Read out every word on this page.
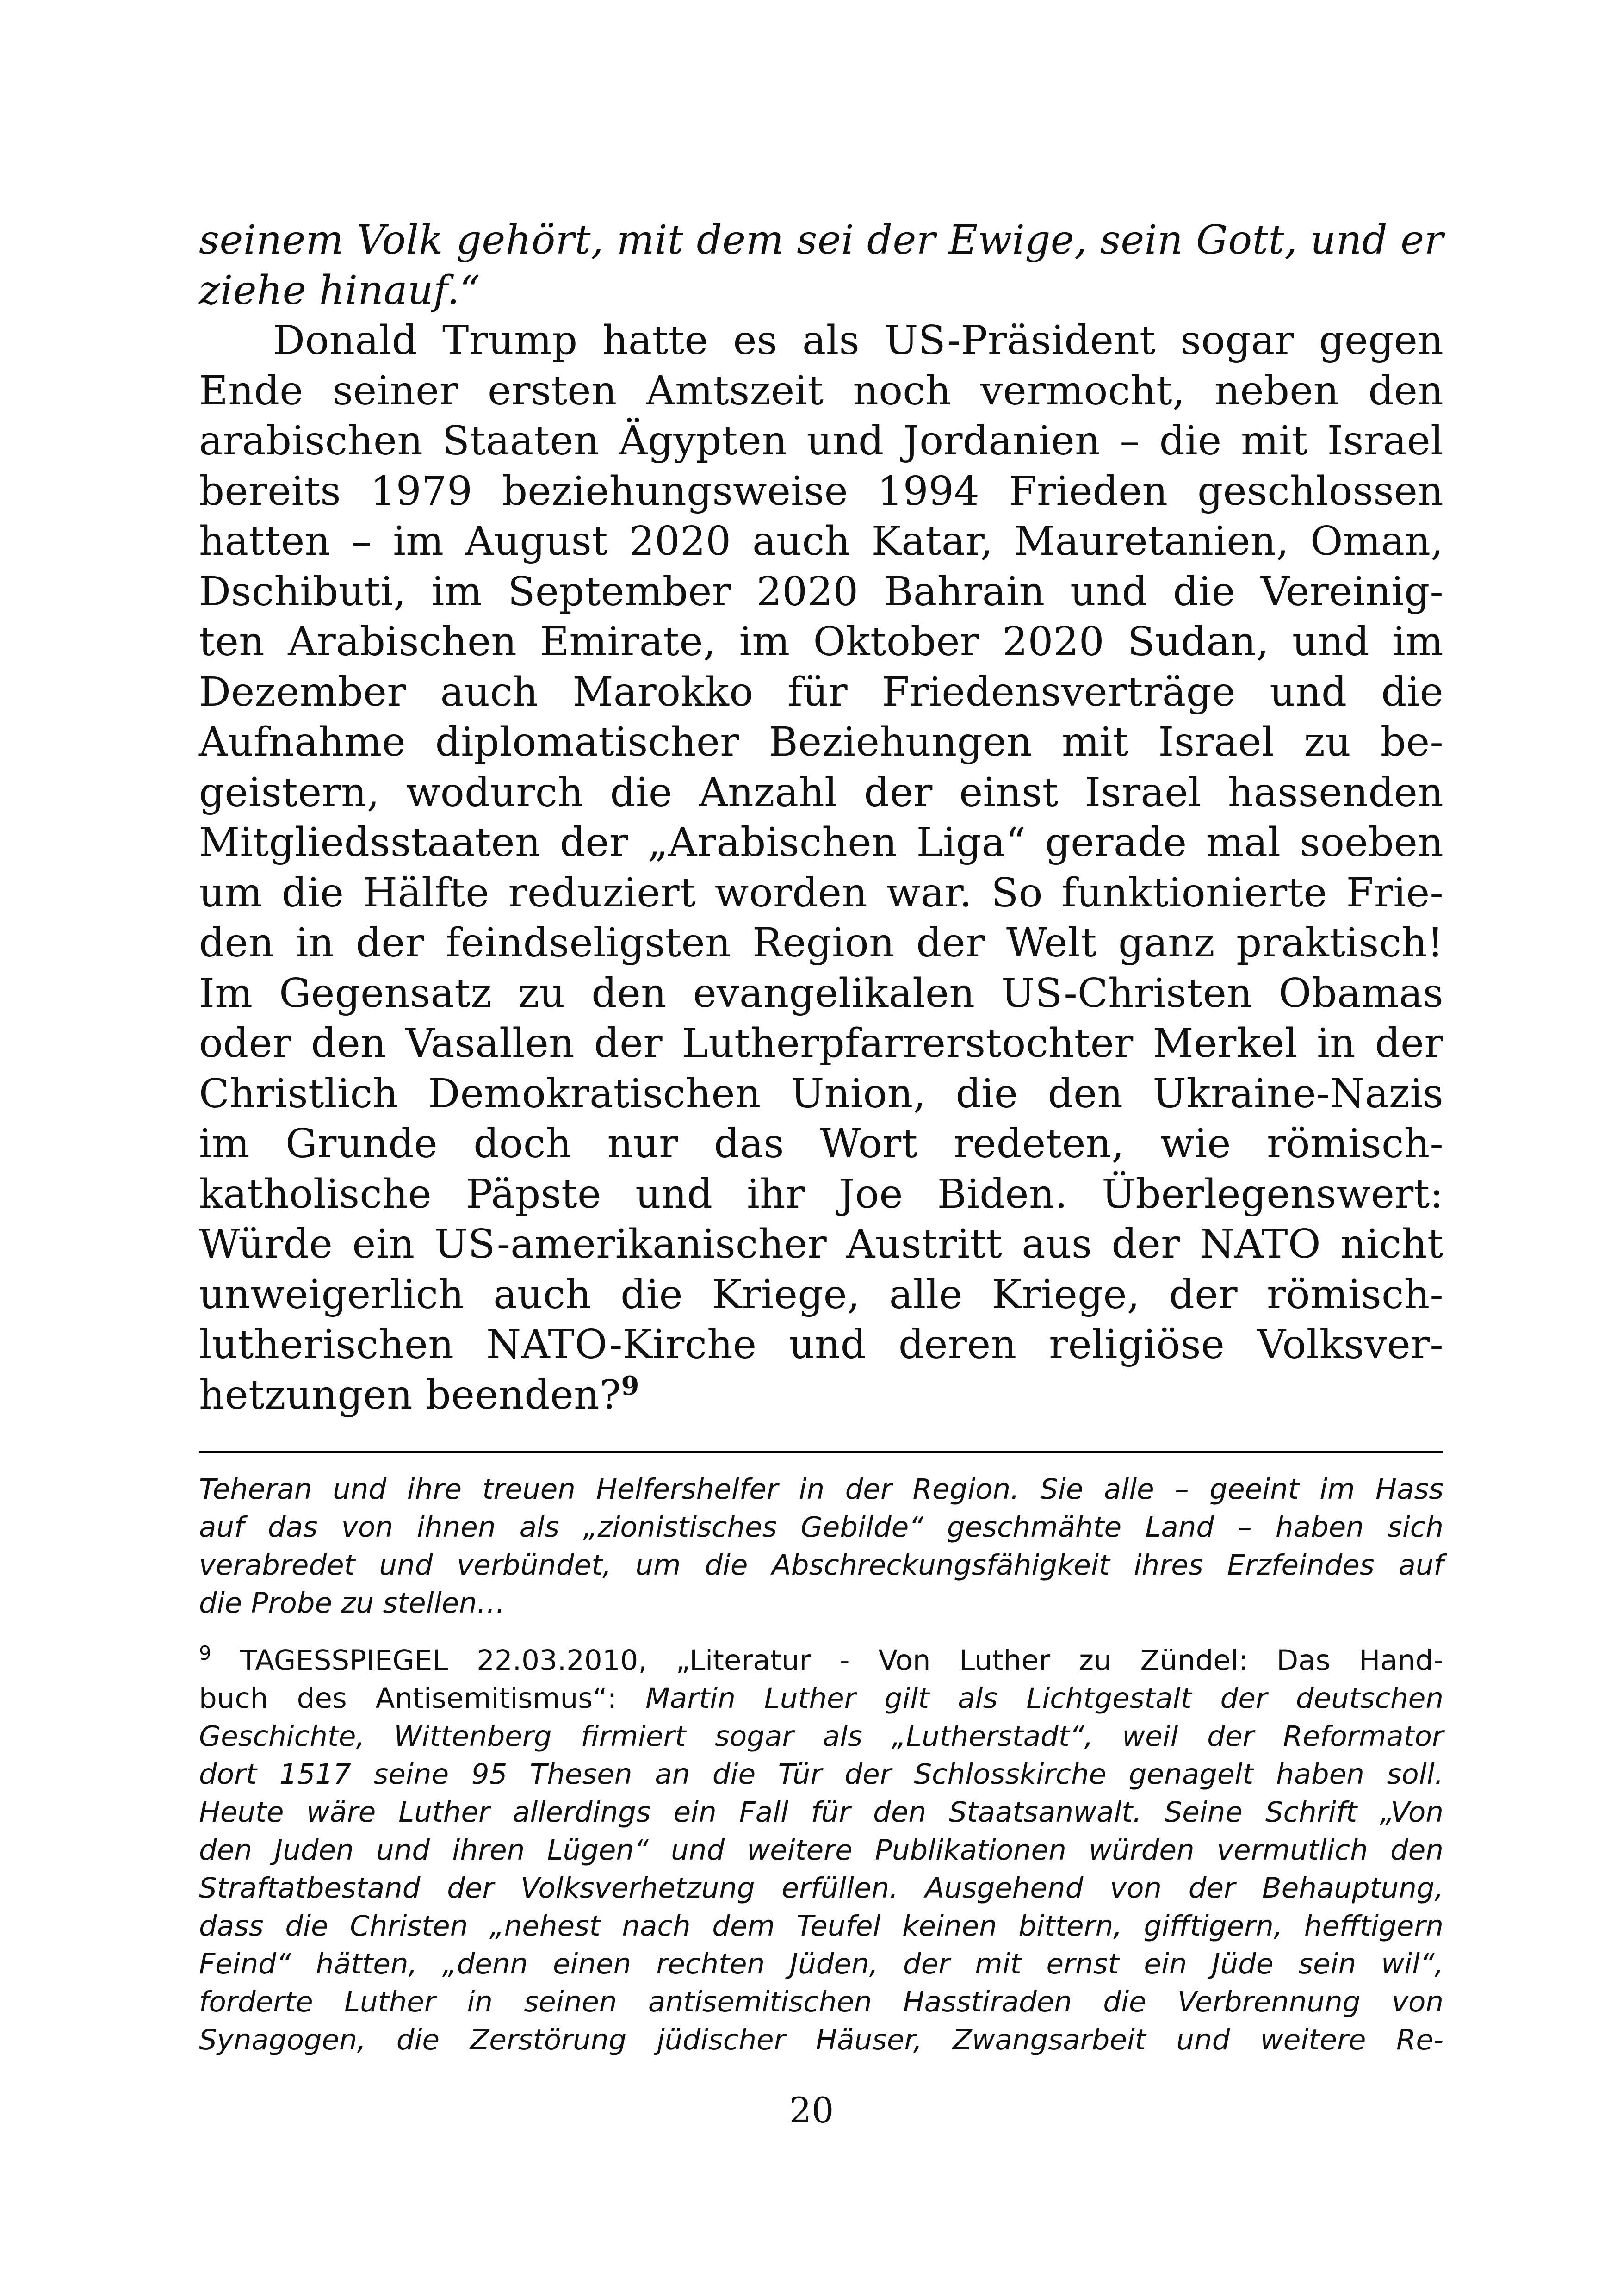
seinem Volk gehört, mit dem sei der Ewige, sein Gott, und er
ziehe hinauf.“
Donald Trump hatte es als US-Präsident sogar gegen
Ende seiner ersten Amtszeit noch vermocht, neben den
arabischen Staaten Ägypten und Jordanien – die mit Israel
bereits 1979 beziehungsweise 1994 Frieden geschlossen
hatten – im August 2020 auch Katar, Mauretanien, Oman,
Dschibuti, im September 2020 Bahrain und die Vereinig-
ten Arabischen Emirate, im Oktober 2020 Sudan, und im
Dezember auch Marokko für Friedensverträge und die
Aufnahme diplomatischer Beziehungen mit Israel zu be-
geistern, wodurch die Anzahl der einst Israel hassenden
Mitgliedsstaaten der „Arabischen Liga“ gerade mal soeben
um die Hälfte reduziert worden war. So funktionierte Frie-
den in der feindseligsten Region der Welt ganz praktisch!
Im Gegensatz zu den evangelikalen US-Christen Obamas
oder den Vasallen der Lutherpfarrerstochter Merkel in der
Christlich Demokratischen Union, die den Ukraine-Nazis
im Grunde doch nur das Wort redeten, wie römisch-
katholische Päpste und ihr Joe Biden. Überlegenswert:
Würde ein US-amerikanischer Austritt aus der NATO nicht
unweigerlich auch die Kriege, alle Kriege, der römisch-
lutherischen NATO-Kirche und deren religiöse Volksver-
hetzungen beenden?$^9$
Teheran und ihre treuen Helfershelfer in der Region. Sie alle – geeint im Hass
auf das von ihnen als „zionistisches Gebilde“ geschmähte Land – haben sich
verabredet und verbündet, um die Abschreckungsfähigkeit ihres Erzfeindes auf
die Probe zu stellen…
$^9$ TAGESSPIEGEL 22.03.2010, „Literatur - Von Luther zu Zündel: Das Hand-
buch des Antisemitismus“: Martin Luther gilt als Lichtgestalt der deutschen
Geschichte, Wittenberg firmiert sogar als „Lutherstadt“, weil der Reformator
dort 1517 seine 95 Thesen an die Tür der Schlosskirche genagelt haben soll.
Heute wäre Luther allerdings ein Fall für den Staatsanwalt. Seine Schrift „Von
den Juden und ihren Lügen“ und weitere Publikationen würden vermutlich den
Straftatbestand der Volksverhetzung erfüllen. Ausgehend von der Behauptung,
dass die Christen „nehest nach dem Teufel keinen bittern, gifftigern, hefftigern
Feind“ hätten, „denn einen rechten Jüden, der mit ernst ein Jüde sein wil“,
forderte Luther in seinen antisemitischen Hasstiraden die Verbrennung von
Synagogen, die Zerstörung jüdischer Häuser, Zwangsarbeit und weitere Re-
20
